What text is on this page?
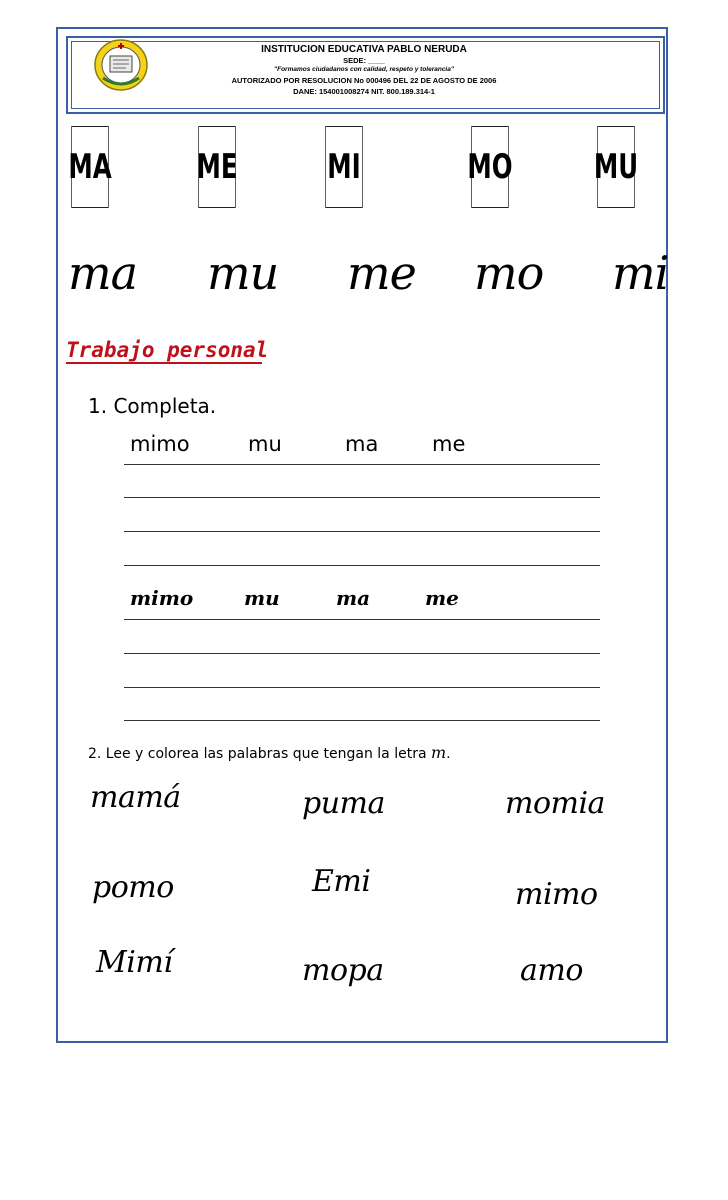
INSTITUCION EDUCATIVA PABLO NERUDA
SEDE: ____
"Formamos ciudadanos con calidad, respeto y tolerancia"
AUTORIZADO POR RESOLUCION No 000496 DEL 22 DE AGOSTO DE 2006
DANE: 154001008274 NIT. 800.189.314-1
MA ME	MI	MO MU
ma mu me mo mi
Trabajo personal
1. Completa.
mimo	mu	ma	me
mimo	mu	ma	me
2. Lee y colorea las palabras que tengan la letra m.
mamá	puma	momia
pomo	Emi	mimo
Mimí	mopa	amo
